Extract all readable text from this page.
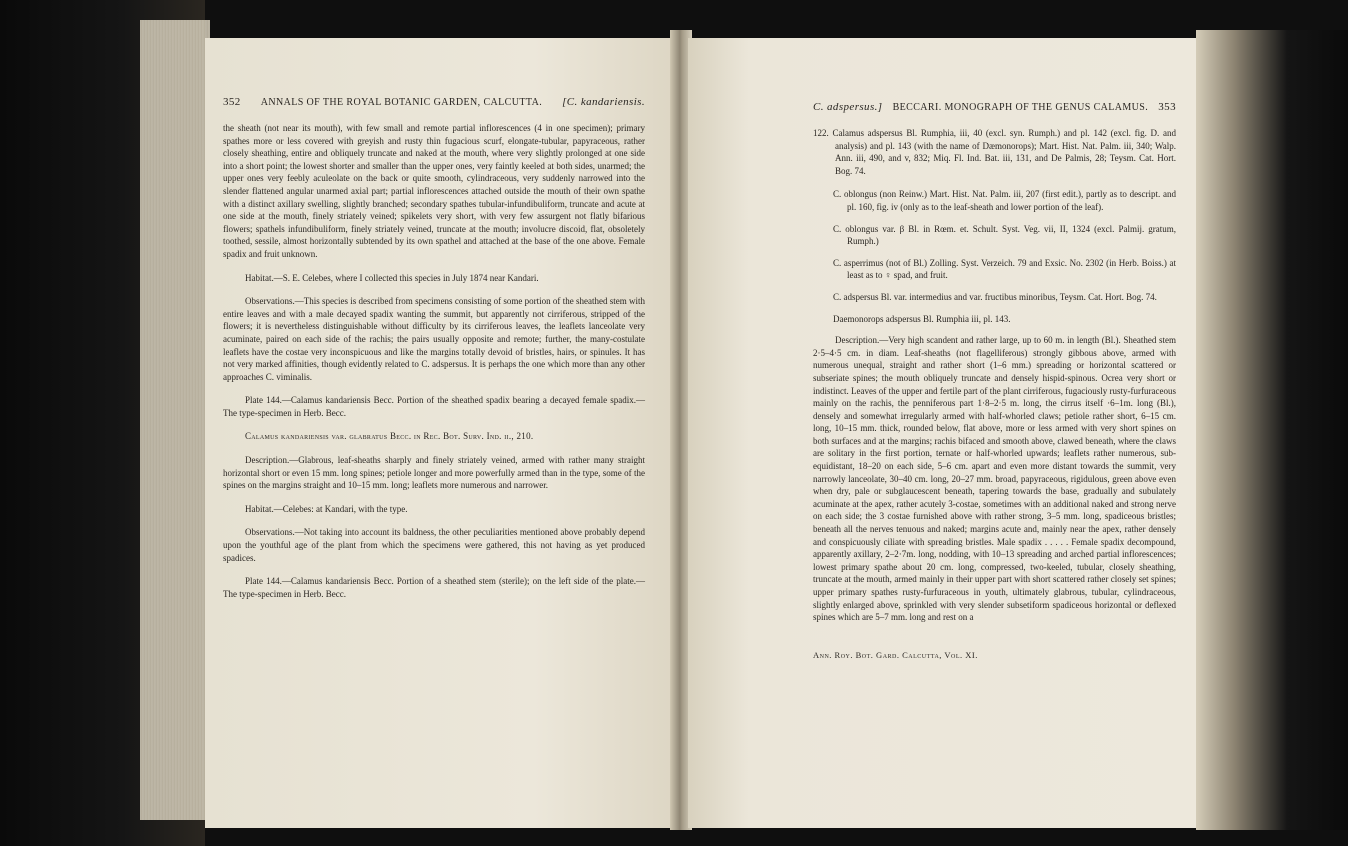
352 ANNALS OF THE ROYAL BOTANIC GARDEN, CALCUTTA. [C. kandariensis.

the sheath (not near its mouth), with few small and remote partial inflorescences (4 in one specimen); primary spathes more or less covered with greyish and rusty thin fugacious scurf, elongate-tubular, papyraceous, rather closely sheathing, entire and obliquely truncate and naked at the mouth, where very slightly prolonged at one side into a short point; the lowest shorter and smaller than the upper ones, very faintly keeled at both sides, unarmed; the upper ones very feebly aculeolate on the back or quite smooth, cylindraceous, very suddenly narrowed into the slender flattened angular unarmed axial part; partial inflorescences attached outside the mouth of their own spathe with a distinct axillary swelling, slightly branched; secondary spathes tubular-infundibuliform, truncate and acute at one side at the mouth, finely striately veined; spikelets very short, with very few assurgent not flatly bifarious flowers; spathels infundibuliform, finely striately veined, truncate at the mouth; involucre discoid, flat, obsoletely toothed, sessile, almost horizontally subtended by its own spathel and attached at the base of the one above. Female spadix and fruit unknown.

Habitat.—S. E. Celebes, where I collected this species in July 1874 near Kandari.

Observations.—This species is described from specimens consisting of some portion of the sheathed stem with entire leaves and with a male decayed spadix wanting the summit, but apparently not cirriferous, stripped of the flowers; it is nevertheless distinguishable without difficulty by its cirriferous leaves, the leaflets lanceolate very acuminate, paired on each side of the rachis; the pairs usually opposite and remote; further, the many-costulate leaflets have the costae very inconspicuous and like the margins totally devoid of bristles, hairs, or spinules. It has not very marked affinities, though evidently related to C. adspersus. It is perhaps the one which more than any other approaches C. viminalis.

Plate 144.—Calamus kandariensis Becc. Portion of the sheathed spadix bearing a decayed female spadix.—The type-specimen in Herb. Becc.

Calamus kandariensis var. glabratus Becc. in Rec. Bot. Surv. Ind. ii., 210.

Description.—Glabrous, leaf-sheaths sharply and finely striately veined, armed with rather many straight horizontal short or even 15 mm. long spines; petiole longer and more powerfully armed than in the type, some of the spines on the margins straight and 10–15 mm. long; leaflets more numerous and narrower.

Habitat.—Celebes: at Kandari, with the type.

Observations.—Not taking into account its baldness, the other peculiarities mentioned above probably depend upon the youthful age of the plant from which the specimens were gathered, this not having as yet produced spadices.

Plate 144.—Calamus kandariensis Becc. Portion of a sheathed stem (sterile); on the left side of the plate.—The type-specimen in Herb. Becc.

C. adspersus.] BECCARI. MONOGRAPH OF THE GENUS CALAMUS. 353

122. Calamus adspersus Bl. Rumphia, iii, 40 (excl. syn. Rumph.) and pl. 142 (excl. fig. D. and analysis) and pl. 143 (with the name of Dæmonorops); Mart. Hist. Nat. Palm. iii, 340; Walp. Ann. iii, 490, and v, 832; Miq. Fl. Ind. Bat. iii, 131, and De Palmis, 28; Teysm. Cat. Hort. Bog. 74.

C. oblongus (non Reinw.) Mart. Hist. Nat. Palm. iii, 207 (first edit.), partly as to descript. and pl. 160, fig. iv (only as to the leaf-sheath and lower portion of the leaf).

C. oblongus var. β Bl. in Rœm. et. Schult. Syst. Veg. vii, II, 1324 (excl. Palmij. gratum, Rumph.)

C. asperrimus (not of Bl.) Zolling. Syst. Verzeich. 79 and Exsic. No. 2302 (in Herb. Boiss.) at least as to ♀ spad, and fruit.

C. adspersus Bl. var. intermedius and var. fructibus minoribus, Teysm. Cat. Hort. Bog. 74.

Daemonorops adspersus Bl. Rumphia iii, pl. 143.

Description.—Very high scandent and rather large, up to 60 m. in length (Bl.). Sheathed stem 2·5–4·5 cm. in diam. Leaf-sheaths (not flagelliferous) strongly gibbous above, armed with numerous unequal, straight and rather short (1–6 mm.) spreading or horizontal scattered or subseriate spines; the mouth obliquely truncate and densely hispid-spinous. Ocrea very short or indistinct. Leaves of the upper and fertile part of the plant cirriferous, fugaciously rusty-furfuraceous mainly on the rachis, the penniferous part 1·8–2·5 m. long, the cirrus itself ·6–1m. long (Bl.), densely and somewhat irregularly armed with half-whorled claws; petiole rather short, 6–15 cm. long, 10–15 mm. thick, rounded below, flat above, more or less armed with very short spines on both surfaces and at the margins; rachis bifaced and smooth above, clawed beneath, where the claws are solitary in the first portion, ternate or half-whorled upwards; leaflets rather numerous, sub-equidistant, 18–20 on each side, 5–6 cm. apart and even more distant towards the summit, very narrowly lanceolate, 30–40 cm. long, 20–27 mm. broad, papyraceous, rigidulous, green above even when dry, pale or subglaucescent beneath, tapering towards the base, gradually and subulately acuminate at the apex, rather acutely 3-costae, sometimes with an additional naked and strong nerve on each side; the 3 costae furnished above with rather strong, 3–5 mm. long, spadiceous bristles; beneath all the nerves tenuous and naked; margins acute and, mainly near the apex, rather densely and conspicuously ciliate with spreading bristles. Male spadix . . . . . Female spadix decompound, apparently axillary, 2–2·7m. long, nodding, with 10–13 spreading and arched partial inflorescences; lowest primary spathe about 20 cm. long, compressed, two-keeled, tubular, closely sheathing, truncate at the mouth, armed mainly in their upper part with short scattered rather closely set spines; upper primary spathes rusty-furfuraceous in youth, ultimately glabrous, tubular, cylindraceous, slightly enlarged above, sprinkled with very slender subsetiform spadiceous horizontal or deflexed spines which are 5–7 mm. long and rest on a

Ann. Roy. Bot. Gard. Calcutta, Vol. XI.
